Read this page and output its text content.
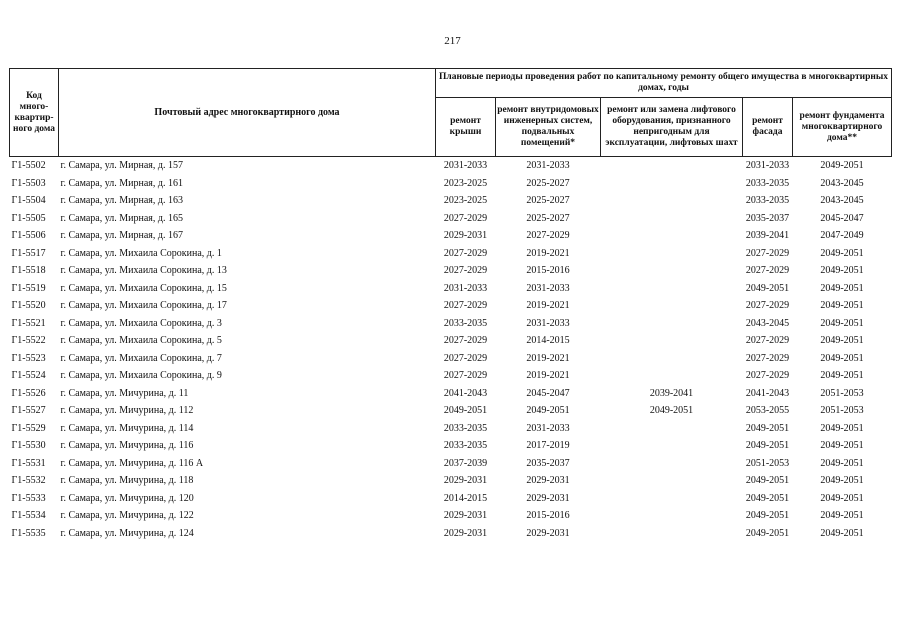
217
Код много-квартир-ного дома	Почтовый адрес многоквартирного дома	Плановые периоды проведения работ по капитальному ремонту общего имущества в многоквартирных домах, годы				
		ремонт крыши	ремонт внутридомовых инженерных систем, подвальных помещений*	ремонт или замена лифтового оборудования, признанного непригодным для эксплуатации, лифтовых шахт	ремонт фасада	ремонт фундамента многоквартирного дома**
Г1-5502	г. Самара, ул. Мирная, д. 157	2031-2033	2031-2033		2031-2033	2049-2051
Г1-5503	г. Самара, ул. Мирная, д. 161	2023-2025	2025-2027		2033-2035	2043-2045
Г1-5504	г. Самара, ул. Мирная, д. 163	2023-2025	2025-2027		2033-2035	2043-2045
Г1-5505	г. Самара, ул. Мирная, д. 165	2027-2029	2025-2027		2035-2037	2045-2047
Г1-5506	г. Самара, ул. Мирная, д. 167	2029-2031	2027-2029		2039-2041	2047-2049
Г1-5517	г. Самара, ул. Михаила Сорокина, д. 1	2027-2029	2019-2021		2027-2029	2049-2051
Г1-5518	г. Самара, ул. Михаила Сорокина, д. 13	2027-2029	2015-2016		2027-2029	2049-2051
Г1-5519	г. Самара, ул. Михаила Сорокина, д. 15	2031-2033	2031-2033		2049-2051	2049-2051
Г1-5520	г. Самара, ул. Михаила Сорокина, д. 17	2027-2029	2019-2021		2027-2029	2049-2051
Г1-5521	г. Самара, ул. Михаила Сорокина, д. 3	2033-2035	2031-2033		2043-2045	2049-2051
Г1-5522	г. Самара, ул. Михаила Сорокина, д. 5	2027-2029	2014-2015		2027-2029	2049-2051
Г1-5523	г. Самара, ул. Михаила Сорокина, д. 7	2027-2029	2019-2021		2027-2029	2049-2051
Г1-5524	г. Самара, ул. Михаила Сорокина, д. 9	2027-2029	2019-2021		2027-2029	2049-2051
Г1-5526	г. Самара, ул. Мичурина, д. 11	2041-2043	2045-2047	2039-2041	2041-2043	2051-2053
Г1-5527	г. Самара, ул. Мичурина, д. 112	2049-2051	2049-2051	2049-2051	2053-2055	2051-2053
Г1-5529	г. Самара, ул. Мичурина, д. 114	2033-2035	2031-2033		2049-2051	2049-2051
Г1-5530	г. Самара, ул. Мичурина, д. 116	2033-2035	2017-2019		2049-2051	2049-2051
Г1-5531	г. Самара, ул. Мичурина, д. 116 А	2037-2039	2035-2037		2051-2053	2049-2051
Г1-5532	г. Самара, ул. Мичурина, д. 118	2029-2031	2029-2031		2049-2051	2049-2051
Г1-5533	г. Самара, ул. Мичурина, д. 120	2014-2015	2029-2031		2049-2051	2049-2051
Г1-5534	г. Самара, ул. Мичурина, д. 122	2029-2031	2015-2016		2049-2051	2049-2051
Г1-5535	г. Самара, ул. Мичурина, д. 124	2029-2031	2029-2031		2049-2051	2049-2051
